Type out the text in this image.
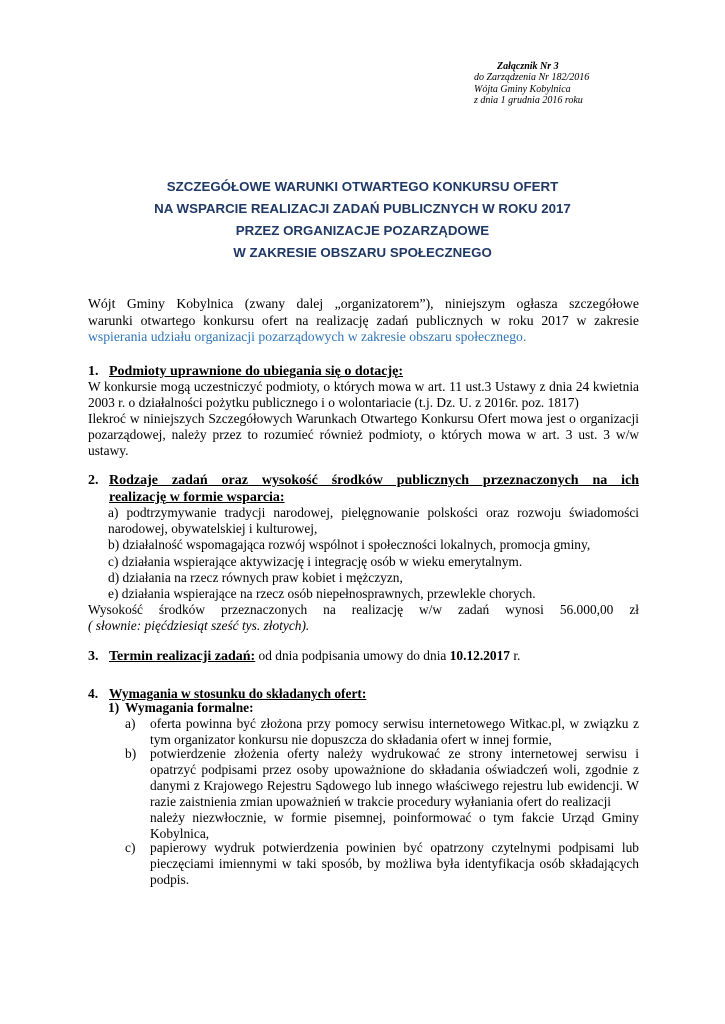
Załącznik Nr 3
do Zarządzenia Nr 182/2016
Wójta Gminy Kobylnica
z dnia 1 grudnia 2016 roku
SZCZEGÓŁOWE WARUNKI OTWARTEGO KONKURSU OFERT
NA WSPARCIE REALIZACJI ZADAŃ PUBLICZNYCH W ROKU 2017
PRZEZ ORGANIZACJE POZARZĄDOWE
W ZAKRESIE OBSZARU SPOŁECZNEGO
Wójt Gminy Kobylnica (zwany dalej „organizatorem”), niniejszym ogłasza szczegółowe
warunki otwartego konkursu ofert na realizację zadań publicznych w roku 2017 w zakresie
wspierania udziału organizacji pozarządowych w zakresie obszaru społecznego.
1. Podmioty uprawnione do ubiegania się o dotację:
W konkursie mogą uczestniczyć podmioty, o których mowa w art. 11 ust.3 Ustawy z dnia 24 kwietnia
2003 r. o działalności pożytku publicznego i o wolontariacie (t.j. Dz. U. z 2016r. poz. 1817)
Ilekroć w niniejszych Szczegółowych Warunkach Otwartego Konkursu Ofert mowa jest o organizacji
pozarządowej, należy przez to rozumieć również podmioty, o których mowa w art. 3 ust. 3 w/w
ustawy.
2. Rodzaje zadań oraz wysokość środków publicznych przeznaczonych na ich
realizację w formie wsparcia:
a) podtrzymywanie tradycji narodowej, pielęgnowanie polskości oraz rozwoju świadomości
narodowej, obywatelskiej i kulturowej,
b) działalność wspomagająca rozwój wspólnot i społeczności lokalnych, promocja gminy,
c) działania wspierające aktywizację i integrację osób w wieku emerytalnym.
d) działania na rzecz równych praw kobiet i mężczyzn,
e) działania wspierające na rzecz osób niepełnosprawnych, przewlekle chorych.
Wysokość środków przeznaczonych na realizację w/w zadań wynosi 56.000,00 zł
( słownie: pięćdziesiąt sześć tys. złotych).
3. Termin realizacji zadań: od dnia podpisania umowy do dnia 10.12.2017 r.
4. Wymagania w stosunku do składanych ofert:
1) Wymagania formalne:
a) oferta powinna być złożona przy pomocy serwisu internetowego Witkac.pl, w związku z
tym organizator konkursu nie dopuszcza do składania ofert w innej formie,
b) potwierdzenie złożenia oferty należy wydrukować ze strony internetowej serwisu i
opatrzyć podpisami przez osoby upoważnione do składania oświadczeń woli, zgodnie z
danymi z Krajowego Rejestru Sądowego lub innego właściwego rejestru lub ewidencji. W
razie zaistnienia zmian upoważnień w trakcie procedury wyłaniania ofert do realizacji
należy niezwłocznie, w formie pisemnej, poinformować o tym fakcie Urząd Gminy
Kobylnica,
c) papierowy wydruk potwierdzenia powinien być opatrzony czytelnymi podpisami lub
pieczęciami imiennymi w taki sposób, by możliwa była identyfikacja osób składających
podpis.
